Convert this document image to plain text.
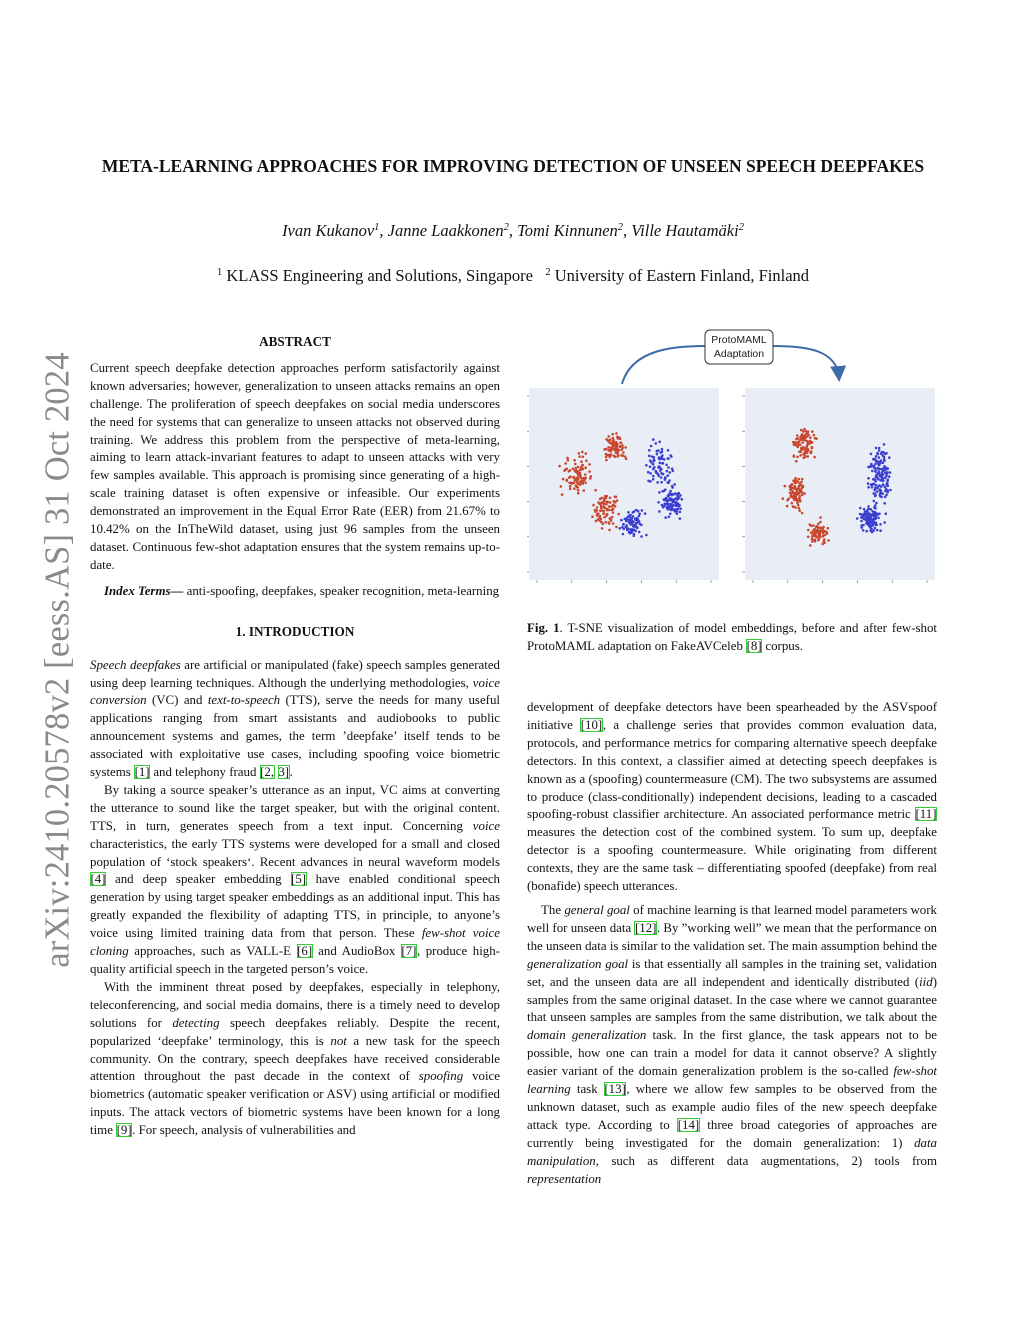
arXiv:2410.20578v2 [eess.AS] 31 Oct 2024
META-LEARNING APPROACHES FOR IMPROVING DETECTION OF UNSEEN SPEECH DEEPFAKES
Ivan Kukanov$^1$, Janne Laakkonen$^2$, Tomi Kinnunen$^2$, Ville Hautamäki$^2$
$^1$ KLASS Engineering and Solutions, Singapore $^2$ University of Eastern Finland, Finland
ABSTRACT

Current speech deepfake detection approaches perform satisfactorily against known adversaries; however, generalization to unseen attacks remains an open challenge. The proliferation of speech deepfakes on social media underscores the need for systems that can generalize to unseen attacks not observed during training. We address this problem from the perspective of meta-learning, aiming to learn attack-invariant features to adapt to unseen attacks with very few samples available. This approach is promising since generating of a high-scale training dataset is often expensive or infeasible. Our experiments demonstrated an improvement in the Equal Error Rate (EER) from 21.67% to 10.42% on the InTheWild dataset, using just 96 samples from the unseen dataset. Continuous few-shot adaptation ensures that the system remains up-to-date.

Index Terms— anti-spoofing, deepfakes, speaker recognition, meta-learning

1. INTRODUCTION

Speech deepfakes are artificial or manipulated (fake) speech samples generated using deep learning techniques. Although the underlying methodologies, voice conversion (VC) and text-to-speech (TTS), serve the needs for many useful applications ranging from smart assistants and audiobooks to public announcement systems and games, the term ’deepfake’ itself tends to be associated with exploitative use cases, including spoofing voice biometric systems [1] and telephony fraud [2, 3].

By taking a source speaker’s utterance as an input, VC aims at converting the utterance to sound like the target speaker, but with the original content. TTS, in turn, generates speech from a text input. Concerning voice characteristics, the early TTS systems were developed for a small and closed population of ‘stock speakers‘. Recent advances in neural waveform models [4] and deep speaker embedding [5] have enabled conditional speech generation by using target speaker embeddings as an additional input. This has greatly expanded the flexibility of adapting TTS, in principle, to anyone’s voice using limited training data from that person. These few-shot voice cloning approaches, such as VALL-E [6] and AudioBox [7], produce high-quality artificial speech in the targeted person’s voice.

With the imminent threat posed by deepfakes, especially in telephony, teleconferencing, and social media domains, there is a timely need to develop solutions for detecting speech deepfakes reliably. Despite the recent, popularized ‘deepfake’ terminology, this is not a new task for the speech community. On the contrary, speech deepfakes have received considerable attention throughout the past decade in the context of spoofing voice biometrics (automatic speaker verification or ASV) using artificial or modified inputs. The attack vectors of biometric systems have been known for a long time [9]. For speech, analysis of vulnerabilities and

ProtoMAML
Adaptation
Fig. 1. T-SNE visualization of model embeddings, before and after few-shot ProtoMAML adaptation on FakeAVCeleb [8] corpus.

development of deepfake detectors have been spearheaded by the ASVspoof initiative [10], a challenge series that provides common evaluation data, protocols, and performance metrics for comparing alternative speech deepfake detectors. In this context, a classifier aimed at detecting speech deepfakes is known as a (spoofing) countermeasure (CM). The two subsystems are assumed to produce (class-conditionally) independent decisions, leading to a cascaded spoofing-robust classifier architecture. An associated performance metric [11] measures the detection cost of the combined system. To sum up, deepfake detector is a spoofing countermeasure. While originating from different contexts, they are the same task – differentiating spoofed (deepfake) from real (bonafide) speech utterances.

The general goal of machine learning is that learned model parameters work well for unseen data [12]. By ”working well” we mean that the performance on the unseen data is similar to the validation set. The main assumption behind the generalization goal is that essentially all samples in the training set, validation set, and the unseen data are all independent and identically distributed (iid) samples from the same original dataset. In the case where we cannot guarantee that unseen samples are samples from the same distribution, we talk about the domain generalization task. In the first glance, the task appears not to be possible, how one can train a model for data it cannot observe? A slightly easier variant of the domain generalization problem is the so-called few-shot learning task [13], where we allow few samples to be observed from the unknown dataset, such as example audio files of the new speech deepfake attack type. According to [14] three broad categories of approaches are currently being investigated for the domain generalization: 1) data manipulation, such as different data augmentations, 2) tools from representation
